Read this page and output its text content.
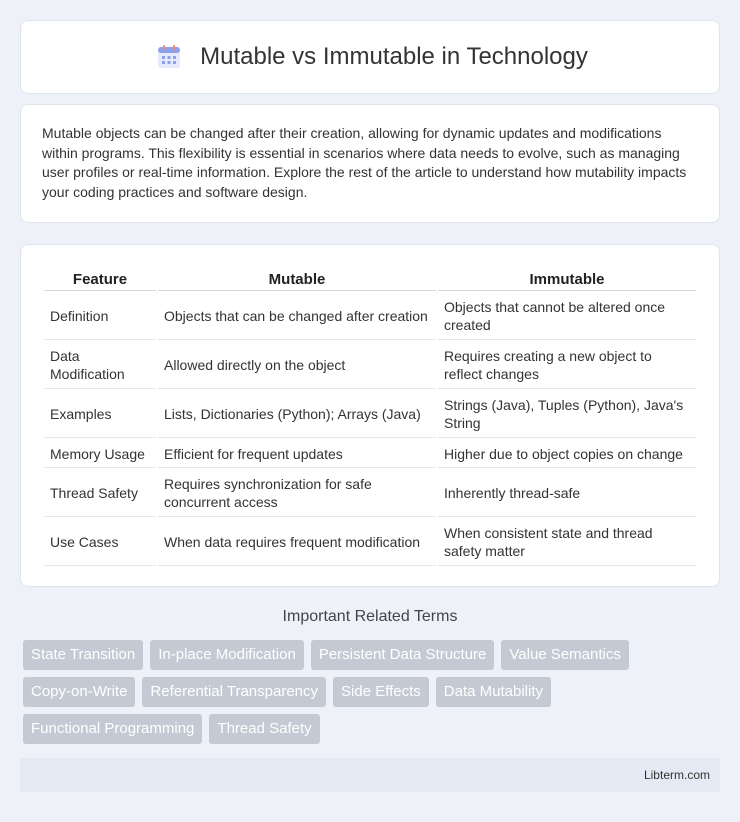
Mutable vs Immutable in Technology

Mutable objects can be changed after their creation, allowing for dynamic updates and modifications within programs. This flexibility is essential in scenarios where data needs to evolve, such as managing user profiles or real-time information. Explore the rest of the article to understand how mutability impacts your coding practices and software design.

Feature	Mutable	Immutable
Definition	Objects that can be changed after creation	Objects that cannot be altered once created
Data Modification	Allowed directly on the object	Requires creating a new object to reflect changes
Examples	Lists, Dictionaries (Python); Arrays (Java)	Strings (Java), Tuples (Python), Java's String
Memory Usage	Efficient for frequent updates	Higher due to object copies on change
Thread Safety	Requires synchronization for safe concurrent access	Inherently thread-safe
Use Cases	When data requires frequent modification	When consistent state and thread safety matter
Important Related Terms
State Transition	In-place Modification	Persistent Data Structure	Value Semantics
Copy-on-Write	Referential Transparency	Side Effects	Data Mutability
Functional Programming	Thread Safety
Libterm.com
